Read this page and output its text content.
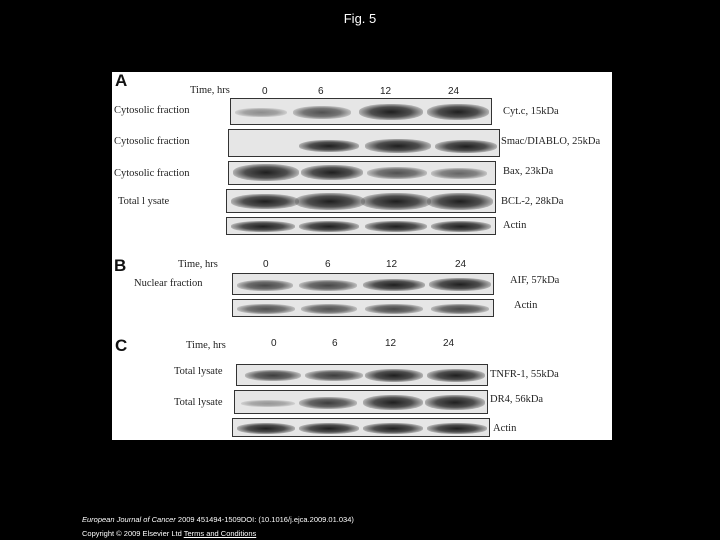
Fig. 5
A
Time, hrs	0	6	12	24
Cytosolic fraction
Cytosolic fraction
Cytosolic fraction
Total l ysate
Cyt.c, 15kDa
Smac/DIABLO, 25kDa
Bax, 23kDa
BCL-2, 28kDa
Actin
B	Time, hrs	0	6	12	24
Nuclear fraction	AIF, 57kDa
Actin
C	Time, hrs	0	6	12	24
Total lysate	TNFR-1, 55kDa
Total lysate	DR4, 56kDa
Actin
European Journal of Cancer 2009 451494-1509DOI: (10.1016/j.ejca.2009.01.034)
Copyright © 2009 Elsevier Ltd Terms and Conditions
